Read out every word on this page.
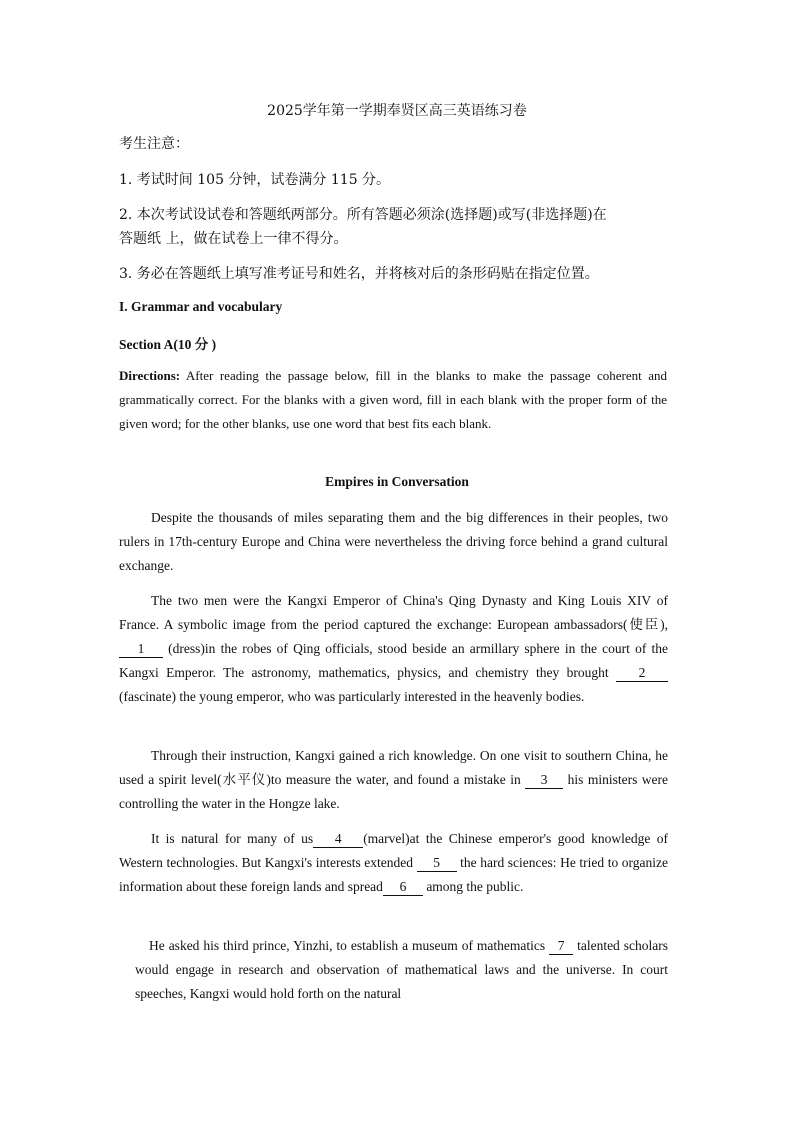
2025学年第一学期奉贤区高三英语练习卷
考生注意：
1. 考试时间 105 分钟，试卷满分 115 分。
2. 本次考试设试卷和答题纸两部分。所有答题必须涂(选择题)或写(非选择题)在
答题纸 上，做在试卷上一律不得分。
3. 务必在答题纸上填写准考证号和姓名，并将核对后的条形码贴在指定位置。
I. Grammar and vocabulary
Section A(10 分 )
Directions: After reading the passage below, fill in the blanks to make the passage coherent and grammatically correct. For the blanks with a given word, fill in each blank with the proper form of the given word; for the other blanks, use one word that best fits each blank.
Empires in Conversation
Despite the thousands of miles separating them and the big differences in their peoples, two rulers in 17th-century Europe and China were nevertheless the driving force behind a grand cultural exchange.
The two men were the Kangxi Emperor of China's Qing Dynasty and King Louis XIV of France. A symbolic image from the period captured the exchange: European ambassadors(使臣), 1 (dress)in the robes of Qing officials, stood beside an armillary sphere in the court of the Kangxi Emperor. The astronomy, mathematics, physics, and chemistry they brought 2 (fascinate) the young emperor, who was particularly interested in the heavenly bodies.
Through their instruction, Kangxi gained a rich knowledge. On one visit to southern China, he used a spirit level(水平仪)to measure the water, and found a mistake in 3 his ministers were controlling the water in the Hongze lake.
It is natural for many of us 4 (marvel)at the Chinese emperor's good knowledge of Western technologies. But Kangxi's interests extended 5 the hard sciences: He tried to organize information about these foreign lands and spread 6 among the public.
He asked his third prince, Yinzhi, to establish a museum of mathematics 7 talented scholars would engage in research and observation of mathematical laws and the universe. In court speeches, Kangxi would hold forth on the natural
